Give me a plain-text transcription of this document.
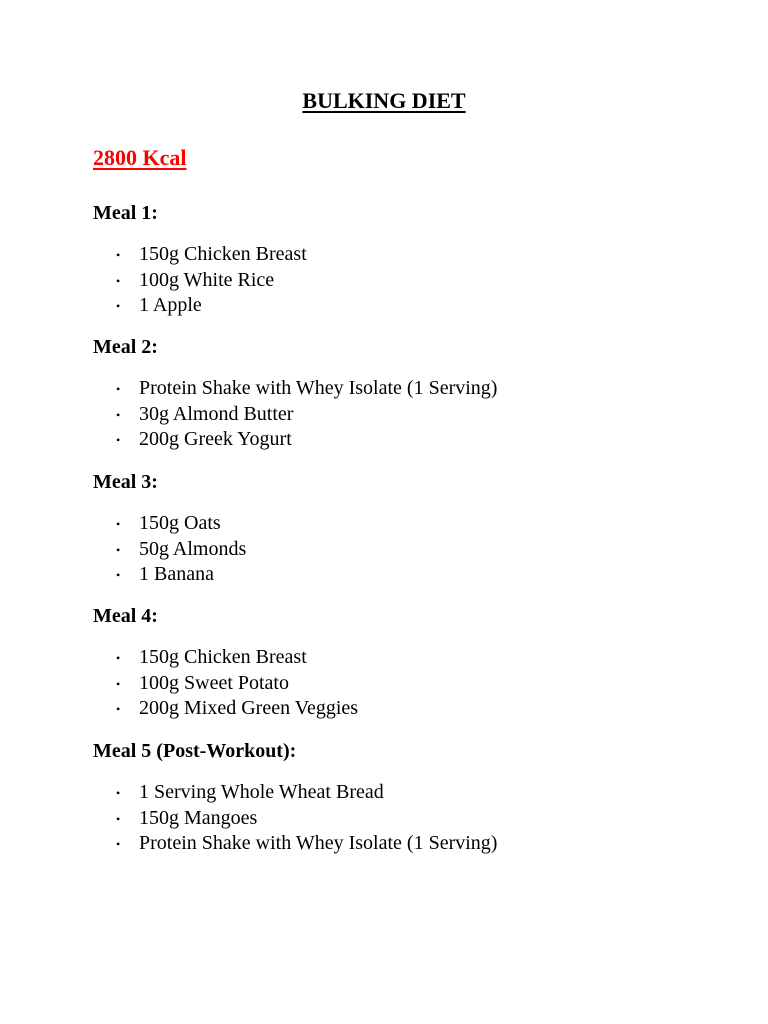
BULKING DIET
2800 Kcal
Meal 1:
• 150g Chicken Breast
• 100g White Rice
• 1 Apple
Meal 2:
• Protein Shake with Whey Isolate (1 Serving)
• 30g Almond Butter
• 200g Greek Yogurt
Meal 3:
• 150g Oats
• 50g Almonds
• 1 Banana
Meal 4:
• 150g Chicken Breast
• 100g Sweet Potato
• 200g Mixed Green Veggies
Meal 5 (Post-Workout):
• 1 Serving Whole Wheat Bread
• 150g Mangoes
• Protein Shake with Whey Isolate (1 Serving)
